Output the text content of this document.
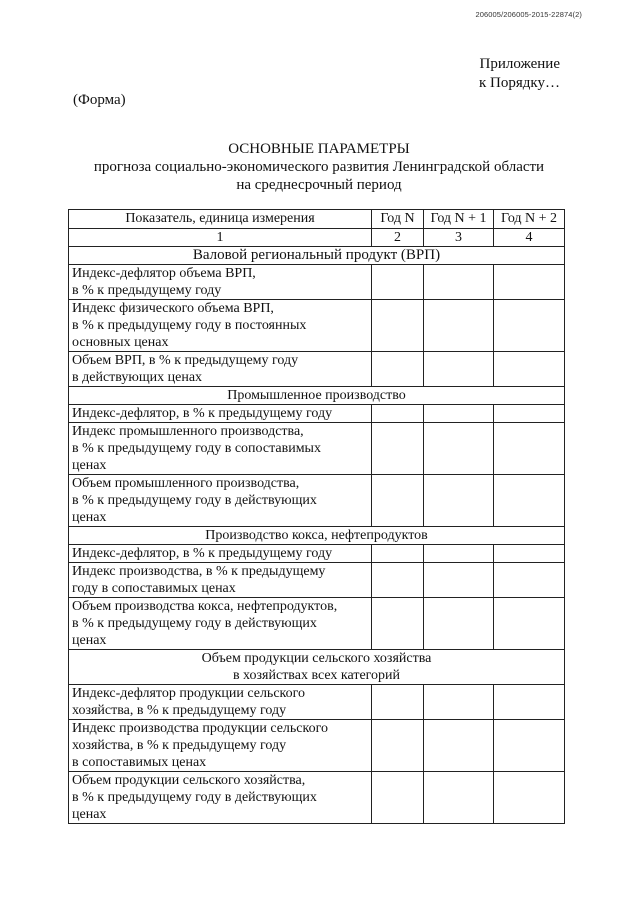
206005/206005-2015-22874(2)
Приложение
к Порядку…
(Форма)
ОСНОВНЫЕ ПАРАМЕТРЫ
прогноза социально-экономического развития Ленинградской области
на среднесрочный период
Показатель, единица измерения	Год N	Год N + 1	Год N + 2
1	2	3	4

Валовой региональный продукт (ВРП)			

Индекс-дефлятор объема ВРП,
в % к предыдущему году			

Индекс физического объема ВРП,
в % к предыдущему году в постоянных
основных ценах			

Объем ВРП, в % к предыдущему году
в действующих ценах			

Промышленное производство			

Индекс-дефлятор, в % к предыдущему году			

Индекс промышленного производства,
в % к предыдущему году в сопоставимых
ценах			

Объем промышленного производства,
в % к предыдущему году в действующих
ценах			

Производство кокса, нефтепродуктов			

Индекс-дефлятор, в % к предыдущему году			

Индекс производства, в % к предыдущему
году в сопоставимых ценах			

Объем производства кокса, нефтепродуктов,
в % к предыдущему году в действующих
ценах			

Объем продукции сельского хозяйства
в хозяйствах всех категорий			

Индекс-дефлятор продукции сельского
хозяйства, в % к предыдущему году			

Индекс производства продукции сельского
хозяйства, в % к предыдущему году
в сопоставимых ценах			

Объем продукции сельского хозяйства,
в % к предыдущему году в действующих
ценах			
